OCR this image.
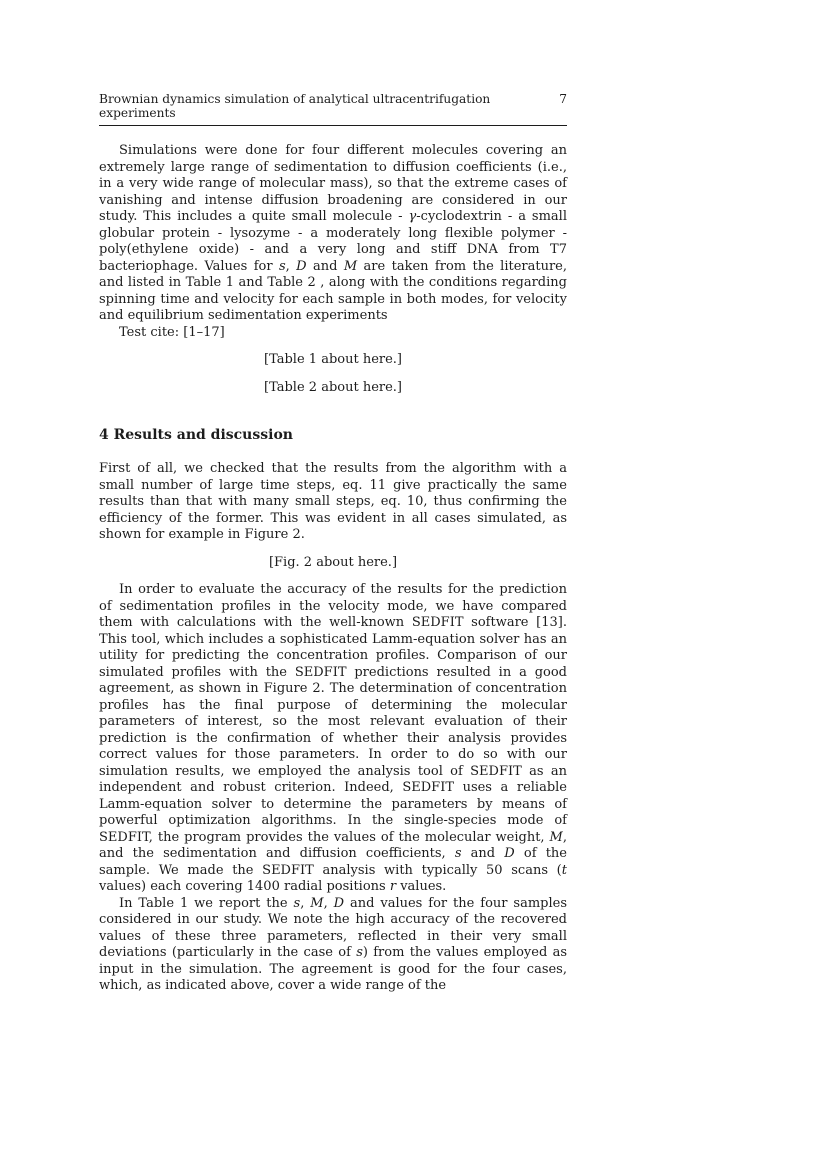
Brownian dynamics simulation of analytical ultracentrifugation experiments
7

Simulations were done for four different molecules covering an extremely large range of sedimentation to diffusion coefficients (i.e., in a very wide range of molecular mass), so that the extreme cases of vanishing and intense diffusion broadening are considered in our study. This includes a quite small molecule - γ-cyclodextrin - a small globular protein - lysozyme - a moderately long flexible polymer - poly(ethylene oxide) - and a very long and stiff DNA from T7 bacteriophage. Values for s, D and M are taken from the literature, and listed in Table 1 and Table 2 , along with the conditions regarding spinning time and velocity for each sample in both modes, for velocity and equilibrium sedimentation experiments

Test cite: [1–17]

[Table 1 about here.]

[Table 2 about here.]

4 Results and discussion

First of all, we checked that the results from the algorithm with a small number of large time steps, eq. 11 give practically the same results than that with many small steps, eq. 10, thus confirming the efficiency of the former. This was evident in all cases simulated, as shown for example in Figure 2.

[Fig. 2 about here.]

In order to evaluate the accuracy of the results for the prediction of sedimentation profiles in the velocity mode, we have compared them with calculations with the well-known SEDFIT software [13]. This tool, which includes a sophisticated Lamm-equation solver has an utility for predicting the concentration profiles. Comparison of our simulated profiles with the SEDFIT predictions resulted in a good agreement, as shown in Figure 2. The determination of concentration profiles has the final purpose of determining the molecular parameters of interest, so the most relevant evaluation of their prediction is the confirmation of whether their analysis provides correct values for those parameters. In order to do so with our simulation results, we employed the analysis tool of SEDFIT as an independent and robust criterion. Indeed, SEDFIT uses a reliable Lamm-equation solver to determine the parameters by means of powerful optimization algorithms. In the single-species mode of SEDFIT, the program provides the values of the molecular weight, M, and the sedimentation and diffusion coefficients, s and D of the sample. We made the SEDFIT analysis with typically 50 scans (t values) each covering 1400 radial positions r values.

In Table 1 we report the s, M, D and values for the four samples considered in our study. We note the high accuracy of the recovered values of these three parameters, reflected in their very small deviations (particularly in the case of s) from the values employed as input in the simulation. The agreement is good for the four cases, which, as indicated above, cover a wide range of the
